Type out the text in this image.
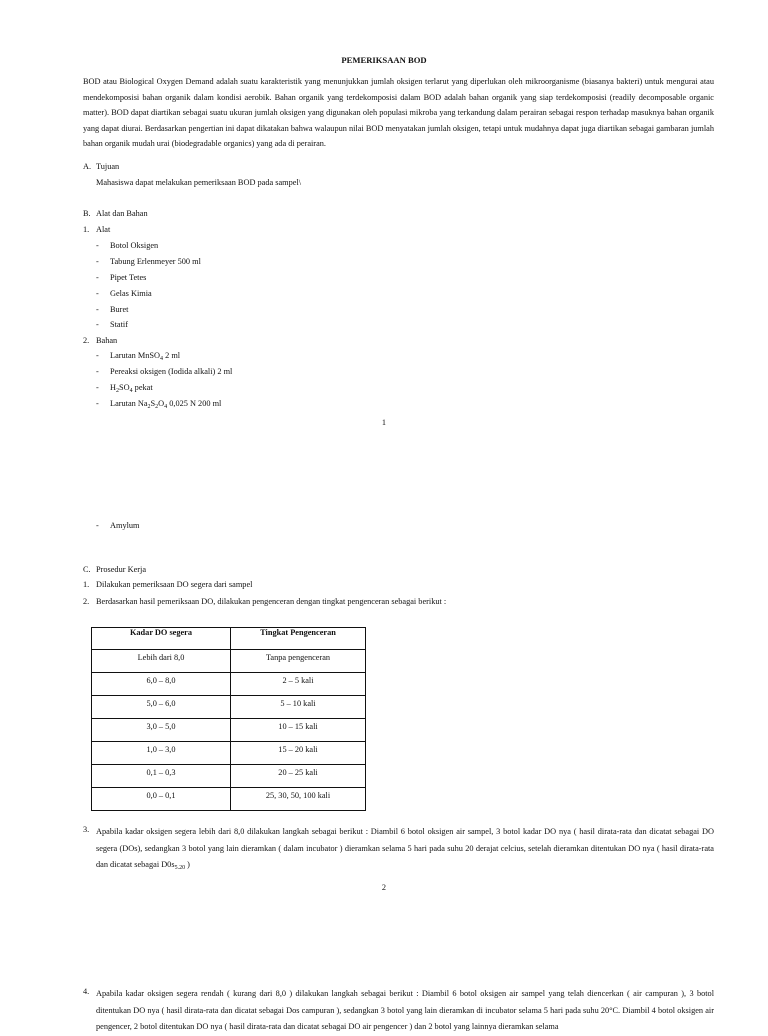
PEMERIKSAAN BOD

BOD atau Biological Oxygen Demand adalah suatu karakteristik yang menunjukkan jumlah oksigen terlarut yang diperlukan oleh mikroorganisme (biasanya bakteri) untuk mengurai atau mendekomposisi bahan organik dalam kondisi aerobik. Bahan organik yang terdekomposisi dalam BOD adalah bahan organik yang siap terdekomposisi (readily decomposable organic matter). BOD dapat diartikan sebagai suatu ukuran jumlah oksigen yang digunakan oleh populasi mikroba yang terkandung dalam perairan sebagai respon terhadap masuknya bahan organik yang dapat diurai. Berdasarkan pengertian ini dapat dikatakan bahwa walaupun nilai BOD menyatakan jumlah oksigen, tetapi untuk mudahnya dapat juga diartikan sebagai gambaran jumlah bahan organik mudah urai (biodegradable organics) yang ada di perairan.

A. Tujuan
Mahasiswa dapat melakukan pemeriksaan BOD pada sampel\
B. Alat dan Bahan
1. Alat
- Botol Oksigen
- Tabung Erlenmeyer 500 ml
- Pipet Tetes
- Gelas Kimia
- Buret
- Statif
2. Bahan
- Larutan MnSO$_4$ 2 ml
- Pereaksi oksigen (Iodida alkali) 2 ml
- $H_2SO_4$ pekat
- Larutan $Na_2S_2O_4$ 0,025 N 200 ml
1
- Amylum
C. Prosedur Kerja
1. Dilakukan pemeriksaan DO segera dari sampel
2. Berdasarkan hasil pemeriksaan DO, dilakukan pengenceran dengan tingkat pengenceran sebagai berikut :
Kadar DO segera	Tingkat Pengenceran
Lebih dari 8,0	Tanpa pengenceran
6,0 – 8,0	2 – 5 kali
5,0 – 6,0	5 – 10 kali
3,0 – 5,0	10 – 15 kali
1,0 – 3,0	15 – 20 kali
0,1 – 0,3	20 – 25 kali
0,0 – 0,1	25, 30, 50, 100 kali
3. Apabila kadar oksigen segera lebih dari 8,0 dilakukan langkah sebagai berikut : Diambil 6 botol oksigen air sampel, 3 botol kadar DO nya ( hasil dirata-rata dan dicatat sebagai DO segera (DOs), sedangkan 3 botol yang lain dieramkan ( dalam incubator ) dieramkan selama 5 hari pada suhu 20 derajat celcius, setelah dieramkan ditentukan DO nya ( hasil dirata-rata dan dicatat sebagai $D0s_{5.20}$ )
2
4. Apabila kadar oksigen segera rendah ( kurang dari 8,0 ) dilakukan langkah sebagai berikut : Diambil 6 botol oksigen air sampel yang telah diencerkan ( air campuran ), 3 botol ditentukan DO nya ( hasil dirata-rata dan dicatat sebagai Dos campuran ), sedangkan 3 botol yang lain dieramkan di incubator selama 5 hari pada suhu 20°C. Diambil 4 botol oksigen air pengencer, 2 botol ditentukan DO nya ( hasil dirata-rata dan dicatat sebagai DO air pengencer ) dan 2 botol yang lainnya dieramkan selama
